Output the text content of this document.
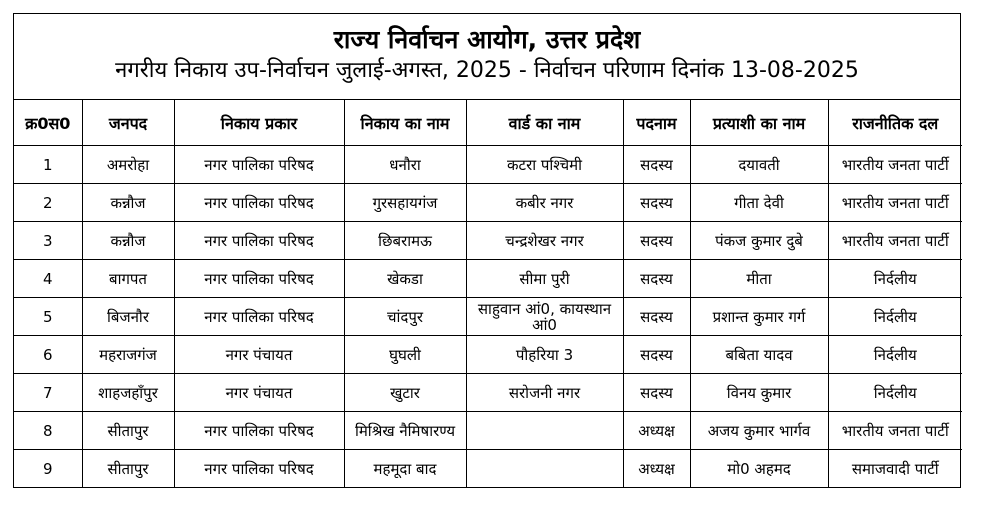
राज्य निर्वाचन आयोग, उत्तर प्रदेश
नगरीय निकाय उप-निर्वाचन जुलाई-अगस्त, 2025 - निर्वाचन परिणाम दिनांक 13-08-2025
क्र0स0	जनपद	निकाय प्रकार	निकाय का नाम	वार्ड का नाम	पदनाम	प्रत्याशी का नाम	राजनीतिक दल
1	अमरोहा	नगर पालिका परिषद	धनौरा	कटरा पश्चिमी	सदस्य	दयावती	भारतीय जनता पार्टी
2	कन्नौज	नगर पालिका परिषद	गुरसहायगंज	कबीर नगर	सदस्य	गीता देवी	भारतीय जनता पार्टी
3	कन्नौज	नगर पालिका परिषद	छिबरामऊ	चन्द्रशेखर नगर	सदस्य	पंकज कुमार दुबे	भारतीय जनता पार्टी
4	बागपत	नगर पालिका परिषद	खेकडा	सीमा पुरी	सदस्य	मीता	निर्दलीय
5	बिजनौर	नगर पालिका परिषद	चांदपुर	साहुवान आं0, कायस्थान आं0	सदस्य	प्रशान्त कुमार गर्ग	निर्दलीय
6	महराजगंज	नगर पंचायत	घुघली	पौहरिया 3	सदस्य	बबिता यादव	निर्दलीय
7	शाहजहाँपुर	नगर पंचायत	खुटार	सरोजनी नगर	सदस्य	विनय कुमार	निर्दलीय
8	सीतापुर	नगर पालिका परिषद	मिश्रिख नैमिषारण्य		अध्यक्ष	अजय कुमार भार्गव	भारतीय जनता पार्टी
9	सीतापुर	नगर पालिका परिषद	महमूदा बाद		अध्यक्ष	मो0 अहमद	समाजवादी पार्टी
